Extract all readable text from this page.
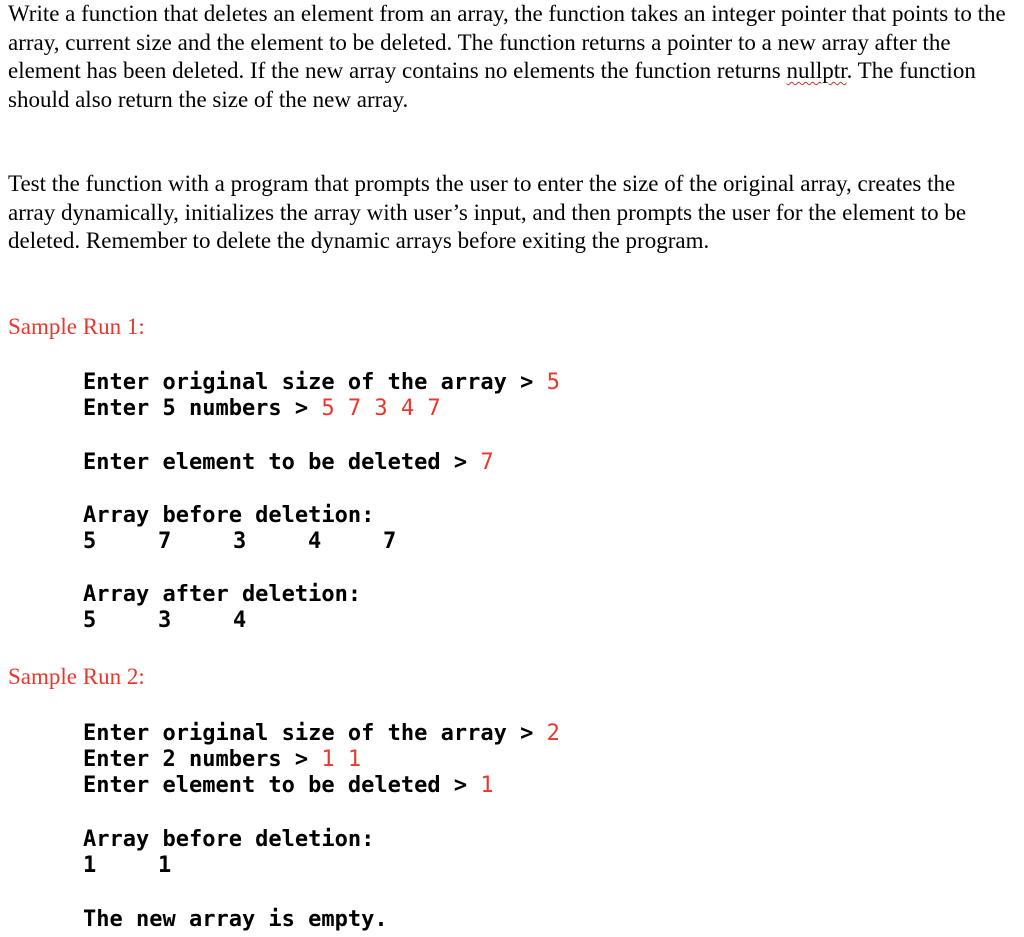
Write a function that deletes an element from an array, the function takes an integer pointer that points to the array, current size and the element to be deleted. The function returns a pointer to a new array after the element has been deleted. If the new array contains no elements the function returns nullptr. The function should also return the size of the new array.
Test the function with a program that prompts the user to enter the size of the original array, creates the array dynamically, initializes the array with user’s input, and then prompts the user for the element to be deleted. Remember to delete the dynamic arrays before exiting the program.
Sample Run 1:
Enter original size of the array > 5
Enter 5 numbers > 5 7 3 4 7
Enter element to be deleted > 7
Array before deletion:
5	7	3	4	7
Array after deletion:
5	3	4
Sample Run 2:
Enter original size of the array > 2
Enter 2 numbers > 1 1
Enter element to be deleted > 1
Array before deletion:
1	1
The new array is empty.
